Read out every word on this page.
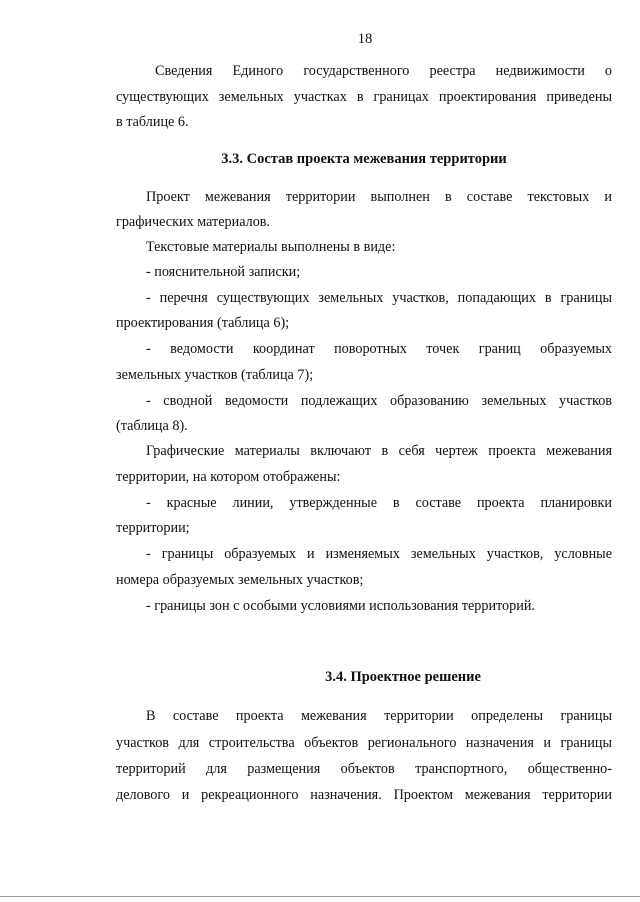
18
Сведения Единого государственного реестра недвижимости о
существующих земельных участках в границах проектирования приведены
в таблице 6.
3.3. Состав проекта межевания территории
Проект межевания территории выполнен в составе текстовых и
графических материалов.
Текстовые материалы выполнены в виде:
- пояснительной записки;
- перечня существующих земельных участков, попадающих в границы
проектирования (таблица 6);
- ведомости координат поворотных точек границ образуемых
земельных участков (таблица 7);
- сводной ведомости подлежащих образованию земельных участков
(таблица 8).
Графические материалы включают в себя чертеж проекта межевания
территории, на котором отображены:
- красные линии, утвержденные в составе проекта планировки
территории;
- границы образуемых и изменяемых земельных участков, условные
номера образуемых земельных участков;
- границы зон с особыми условиями использования территорий.
3.4. Проектное решение
В составе проекта межевания территории определены границы
участков для строительства объектов регионального назначения и границы
территорий для размещения объектов транспортного, общественно-
делового и рекреационного назначения. Проектом межевания территории
